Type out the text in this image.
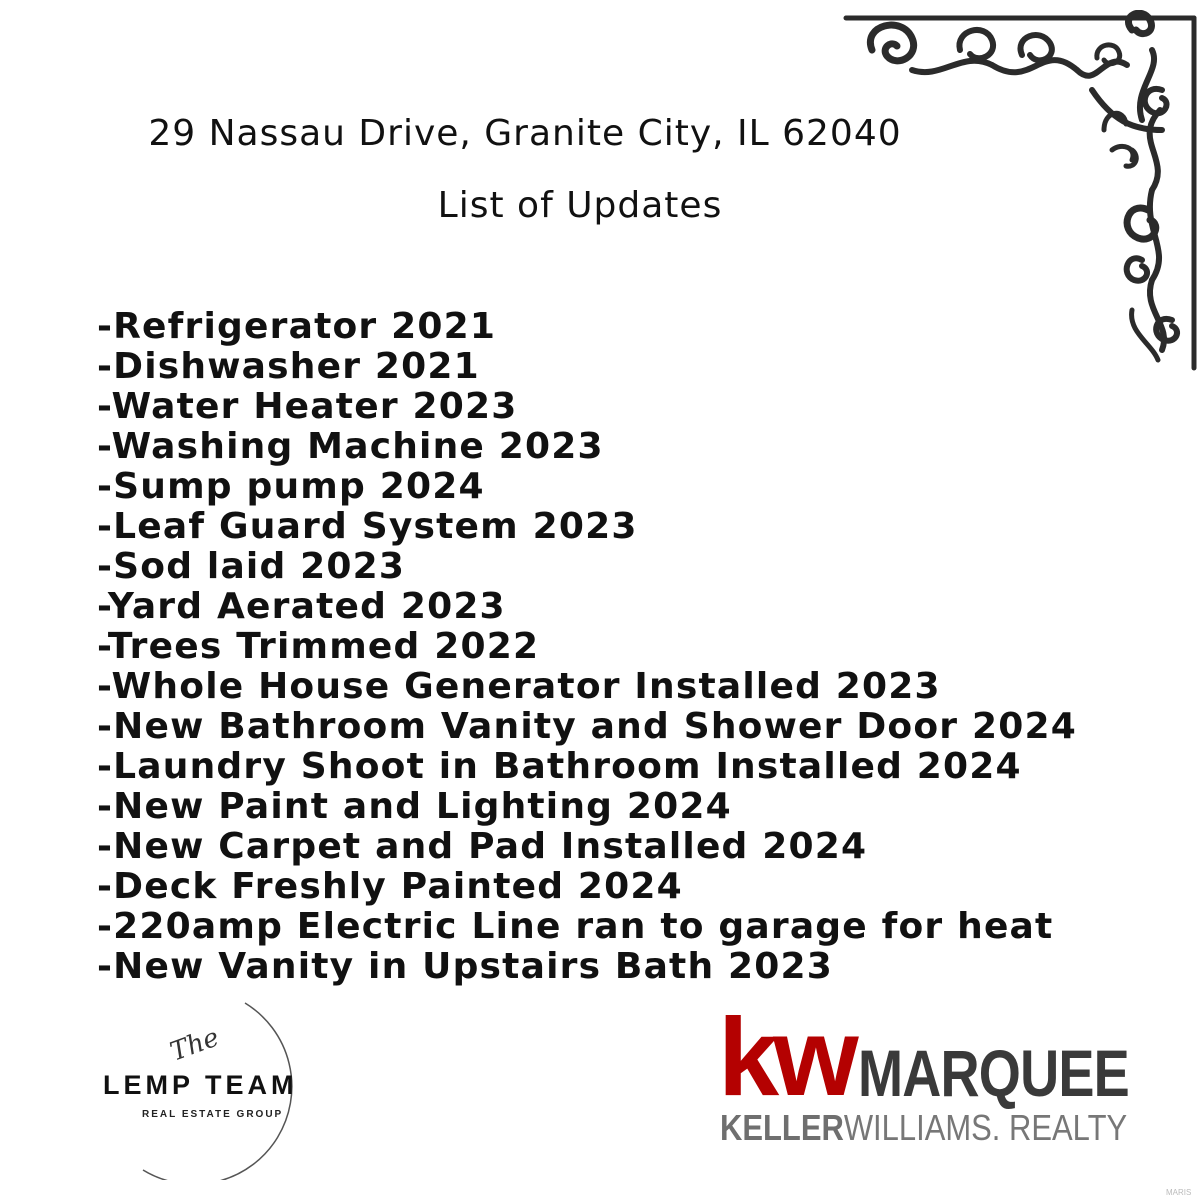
29 Nassau Drive, Granite City, IL 62040
List of Updates
-Refrigerator 2021
-Dishwasher 2021
-Water Heater 2023
-Washing Machine 2023
-Sump pump 2024
-Leaf Guard System 2023
-Sod laid 2023
-Yard Aerated 2023
-Trees Trimmed 2022
-Whole House Generator Installed 2023
-New Bathroom Vanity and Shower Door 2024
-Laundry Shoot in Bathroom Installed 2024
-New Paint and Lighting 2024
-New Carpet and Pad Installed 2024
-Deck Freshly Painted 2024
-220amp Electric Line ran to garage for heat
-New Vanity in Upstairs Bath 2023
The
LEMP TEAM
REAL ESTATE GROUP	kw MARQUEE
KELLERWILLIAMS. REALTY
MARIS
